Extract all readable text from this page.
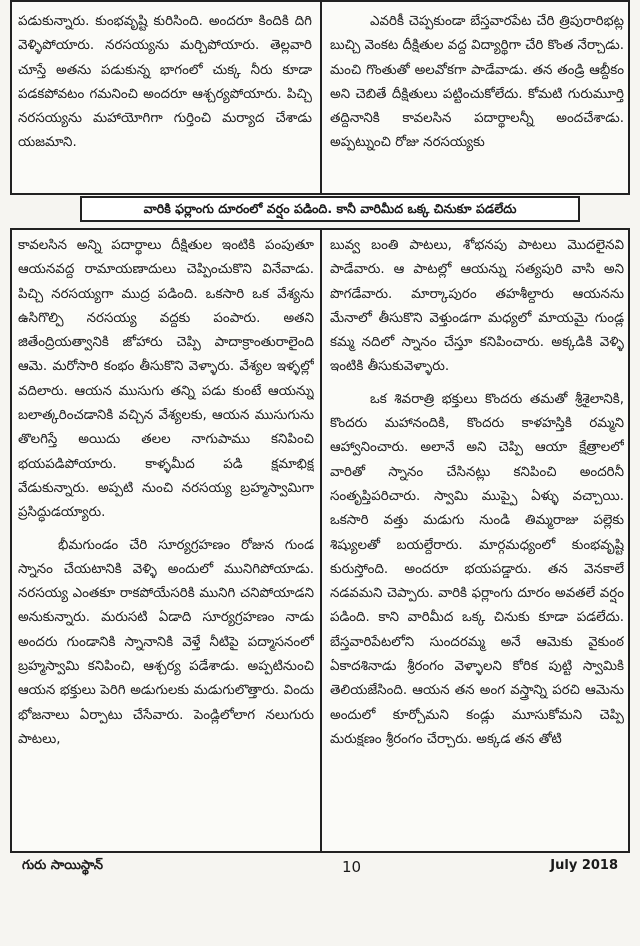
పడుకున్నారు. కుంభవృష్టి కురిసింది. అందరూ కిందికి దిగి వెళ్ళిపోయారు. నరసయ్యను మర్చిపోయారు. తెల్లవారి చూస్తే అతను పడుకున్న భాగంలో చుక్క నీరు కూడా పడకపోవటం గమనించి అందరూ ఆశ్చర్యపోయారు. పిచ్చి నరసయ్యను మహాయోగిగా గుర్తించి మర్యాద చేశాడు యజమాని.

ఎవరికీ చెప్పకుండా బేస్తవారపేట చేరి త్రిపురారిభట్ల బుచ్చి వెంకట దీక్షితుల వద్ద విద్యార్థిగా చేరి కొంత నేర్చాడు. మంచి గొంతుతో అలవోకగా పాడేవాడు. తన తండ్రి ఆబ్దీకం అని చెబితే దీక్షితులు పట్టించుకోలేదు. కోమటి గురుమూర్తి తద్దినానికి కావలసిన పదార్థాలన్నీ అందచేశాడు. అప్పట్నుంచి రోజు నరసయ్యకు

వారికి ఫర్లాంగు దూరంలో వర్షం పడింది. కానీ వారిమీద ఒక్క చినుకూ పడలేదు

కావలసిన అన్ని పదార్థాలు దీక్షితుల ఇంటికి పంపుతూ ఆయనవద్ద రామాయణాదులు చెప్పించుకొని వినేవాడు. పిచ్చి నరసయ్యగా ముద్ర పడింది. ఒకసారి ఒక వేశ్యను ఉసిగొల్పి నరసయ్య వద్దకు పంపారు. అతని జితేంద్రియత్వానికి జోహారు చెప్పి పాదాక్రాంతురాలైంది ఆమె. మరోసారి కంభం తీసుకొని వెళ్ళారు. వేశ్యల ఇళ్ళల్లో వదిలారు. ఆయన ముసుగు తన్ని పడు కుంటే ఆయన్ను బలాత్కరించడానికి వచ్చిన వేశ్యలకు, ఆయన ముసుగును తొలగిస్తే అయిదు తలల నాగుపాము కనిపించి భయపడిపోయారు. కాళ్ళమీద పడి క్షమాభిక్ష వేడుకున్నారు. అప్పటి నుంచి నరసయ్య బ్రహ్మస్వామిగా ప్రసిద్ధుడయ్యారు.

భీమగుండం చేరి సూర్యగ్రహణం రోజున గుండ స్నానం చేయటానికి వెళ్ళి అందులో మునిగిపోయాడు. నరసయ్య ఎంతకూ రాకపోయేసరికి మునిగి చనిపోయాడని అనుకున్నారు. మరుసటి ఏడాది సూర్యగ్రహణం నాడు అందరు గుండానికి స్నానానికి వెళ్తే నీటిపై పద్మాసనంలో బ్రహ్మస్వామి కనిపించి, ఆశ్చర్య పడేశాడు. అప్పటినుంచి ఆయన భక్తులు పెరిగి అడుగులకు మడుగులొత్తారు. విందు భోజనాలు ఏర్పాటు చేసేవారు. పెండ్లిలోలాగ నలుగురు పాటలు,

బువ్వ బంతి పాటలు, శోభనపు పాటలు మొదలైనవి పాడేవారు. ఆ పాటల్లో ఆయన్ను సత్యపురి వాసి అని పొగడేవారు. మార్కాపురం తహశీల్దారు ఆయనను మేనాలో తీసుకొని వెళ్తుండగా మధ్యలో మాయమై గుండ్ల కమ్మ నదిలో స్నానం చేస్తూ కనిపించారు. అక్కడికి వెళ్ళి ఇంటికి తీసుకువెళ్ళారు.

ఒక శివరాత్రి భక్తులు కొందరు తమతో శ్రీశైలానికి, కొందరు మహానందికి, కొందరు కాళహస్తికి రమ్మని ఆహ్వానించారు. అలానే అని చెప్పి ఆయా క్షేత్రాలలో వారితో స్నానం చేసినట్లు కనిపించి అందరినీ సంతృప్తిపరిచారు. స్వామి ముప్పై ఏళ్ళు వచ్చాయి. ఒకసారి వత్తు మడుగు నుండి తిమ్మరాజు పల్లెకు శిష్యులతో బయల్దేరారు. మార్గమధ్యంలో కుంభవృష్టి కురుస్తోంది. అందరూ భయపడ్డారు. తన వెనకాలే నడవమని చెప్పారు. వారికి ఫర్లాంగు దూరం అవతలే వర్షం పడింది. కాని వారిమీద ఒక్క చినుకు కూడా పడలేదు. బేస్తవారిపేటలోని సుందరమ్మ అనే ఆమెకు వైకుంఠ ఏకాదశినాడు శ్రీరంగం వెళ్ళాలని కోరిక పుట్టి స్వామికి తెలియజేసింది. ఆయన తన అంగ వస్త్రాన్ని పరచి ఆమెను అందులో కూర్చోమని కండ్లు మూసుకోమని చెప్పి మరుక్షణం శ్రీరంగం చేర్చారు. అక్కడ తన తోటి

గురు సాయిస్థాన్	10	July 2018
